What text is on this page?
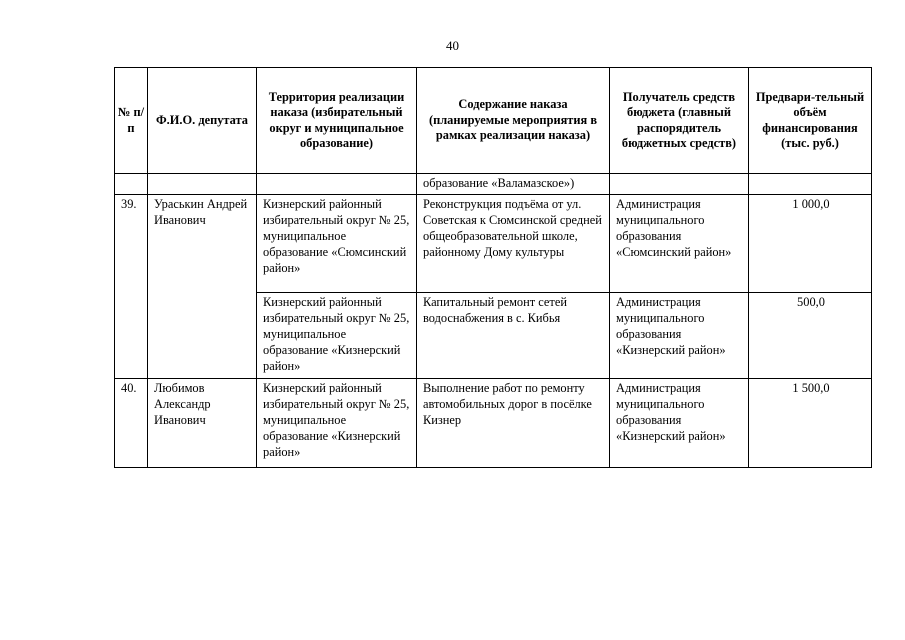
40
№ п/п	Ф.И.О. депутата	Территория реализации наказа (избирательный округ и муниципальное образование)	Содержание наказа (планируемые мероприятия в рамках реализации наказа)	Получатель средств бюджета (главный распорядитель бюджетных средств)	Предвари-тельный объём финансирования (тыс. руб.)
			образование «Валамазское»)		
39.	Ураськин Андрей Иванович	Кизнерский районный избирательный округ № 25, муниципальное образование «Сюмсинский район»	Реконструкция подъёма от ул. Советская к Сюмсинской средней общеобразовательной школе, районному Дому культуры	Администрация муниципального образования «Сюмсинский район»	1 000,0
		Кизнерский районный избирательный округ № 25, муниципальное образование «Кизнерский район»	Капитальный ремонт сетей водоснабжения в с. Кибья	Администрация муниципального образования «Кизнерский район»	500,0
40.	Любимов Александр Иванович	Кизнерский районный избирательный округ № 25, муниципальное образование «Кизнерский район»	Выполнение работ по ремонту автомобильных дорог в посёлке Кизнер	Администрация муниципального образования «Кизнерский район»	1 500,0
